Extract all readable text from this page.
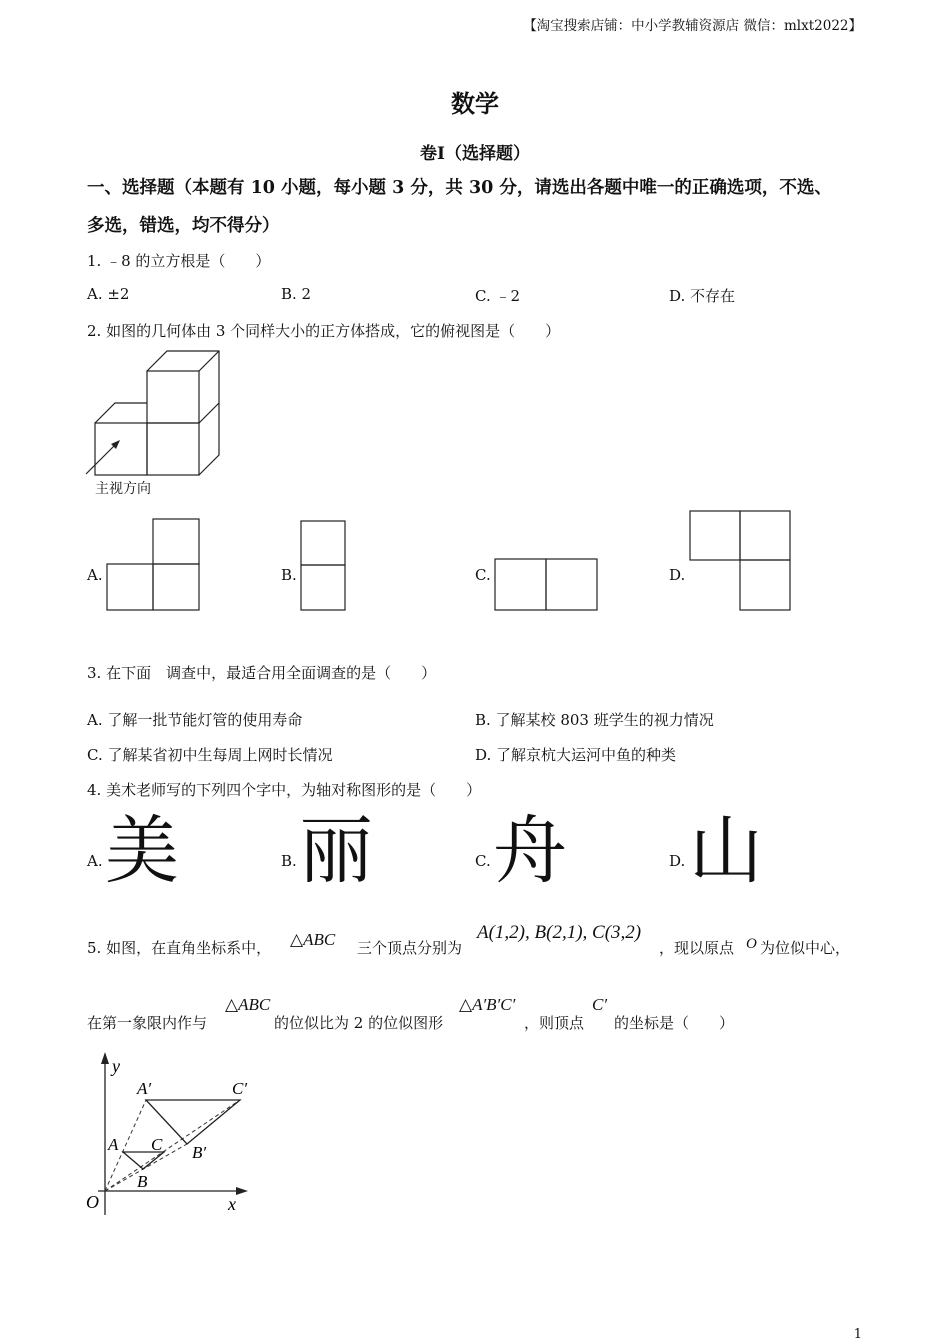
【淘宝搜索店铺：中小学教辅资源店 微信：mlxt2022】
数学
卷Ⅰ（选择题）
一、选择题（本题有 10 小题，每小题 3 分，共 30 分，请选出各题中唯一的正确选项，不选、
多选，错选，均不得分）
1. ﹣8 的立方根是（　　）
A. ±2	B. 2	C. ﹣2	D. 不存在
2. 如图的几何体由 3 个同样大小的正方体搭成，它的俯视图是（　　）
主视方向
A.	B.	C.	D.
3. 在下面　调查中，最适合用全面调查的是（　　）
A. 了解一批节能灯管的使用寿命	B. 了解某校 803 班学生的视力情况
C. 了解某省初中生每周上网时长情况	D. 了解京杭大运河中鱼的种类
4. 美术老师写的下列四个字中，为轴对称图形的是（　　）
A. 美	B. 丽	C. 舟	D. 山
5. 如图，在直角坐标系中， △ABC 三个顶点分别为
A(1,2), B(2,1), C(3,2)
，现以原点 O 为位似中心，
在第一象限内作与
△ABC
的位似比为 2 的位似图形
△A′B′C′
，则顶点
C′
的坐标是（　　）
y
x
O
A′	C′
B′
A C
B
1
